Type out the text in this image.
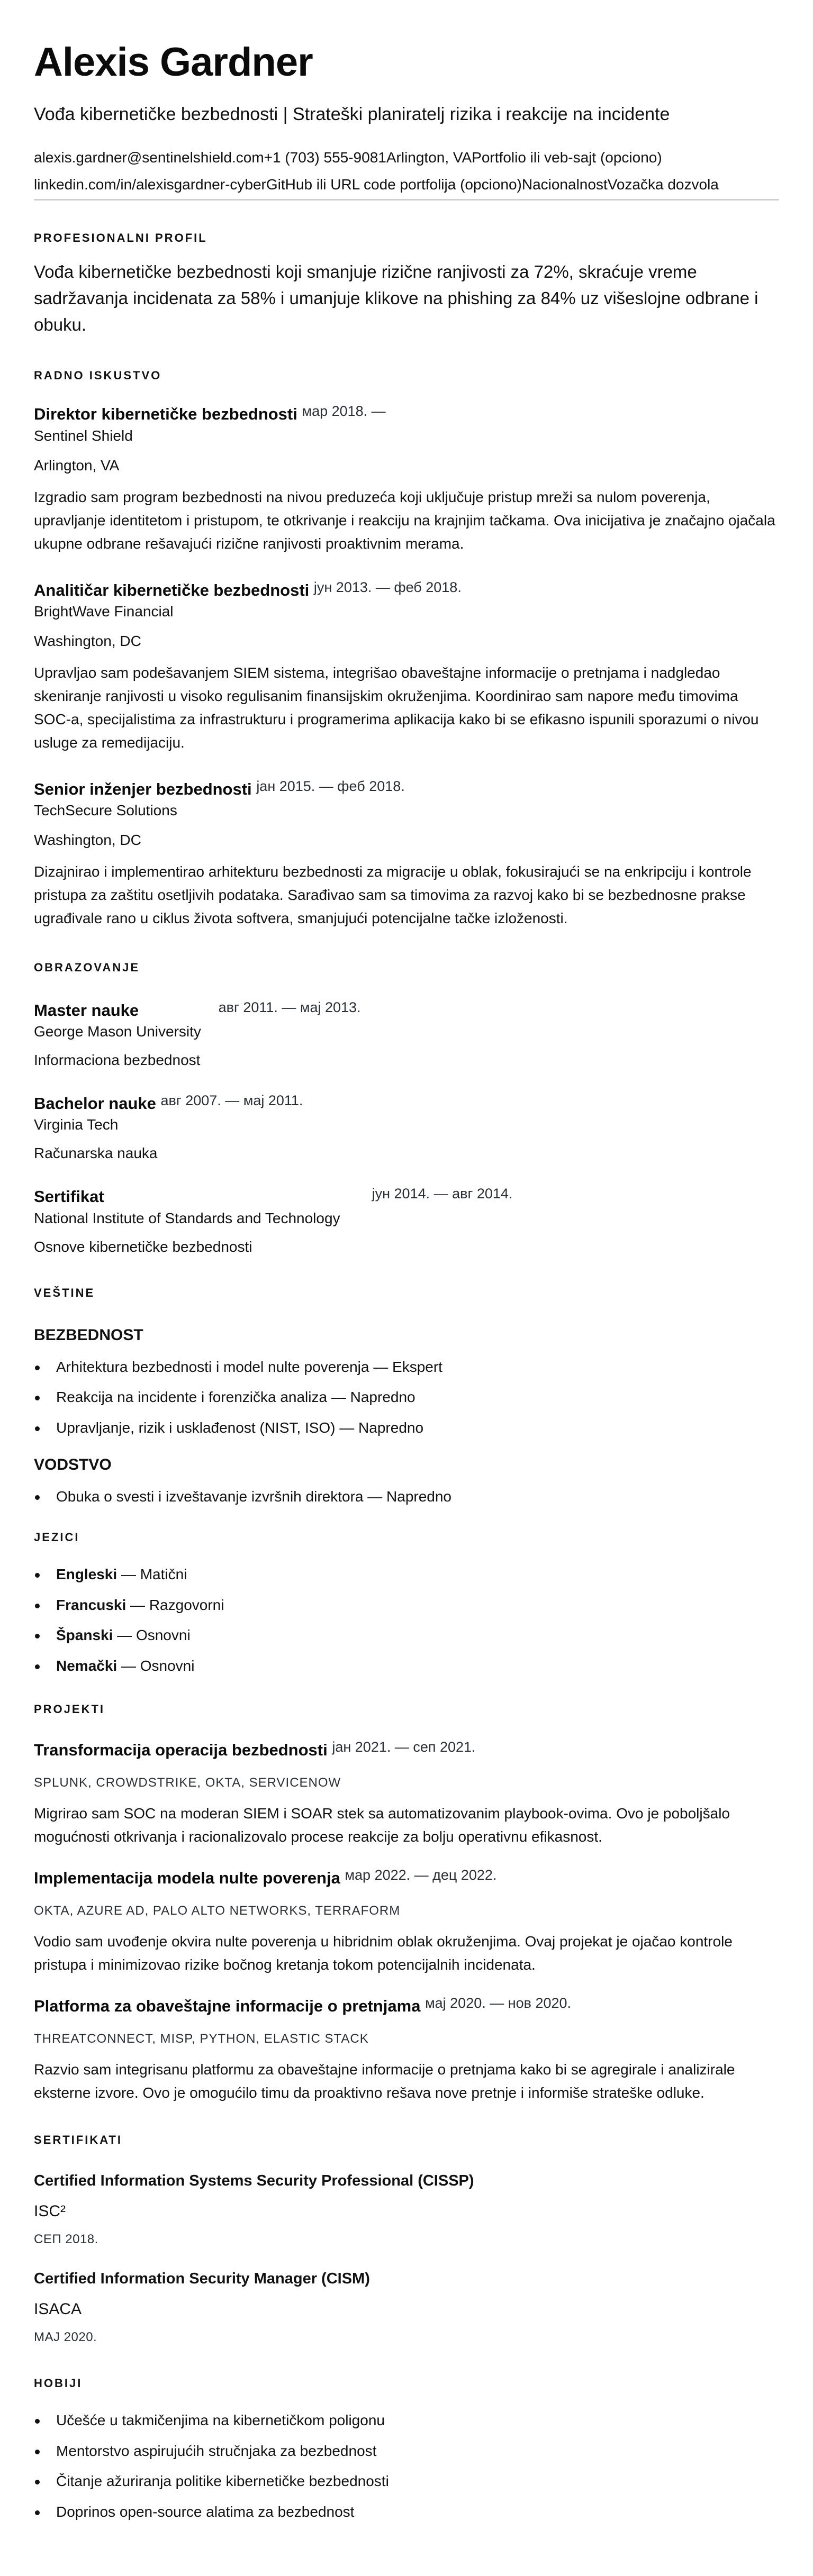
Alexis Gardner
Vođa kibernetičke bezbednosti | Strateški planiratelj rizika i reakcije na incidente
alexis.gardner@sentinelshield.com +1 (703) 555-9081 Arlington, VA Portfolio ili veb-sajt (opciono)
linkedin.com/in/alexisgardner-cyber GitHub ili URL code portfolija (opciono) Nacionalnost Vozačka dozvola
PROFESIONALNI PROFIL

Vođa kibernetičke bezbednosti koji smanjuje rizične ranjivosti za 72%, skraćuje vreme sadržavanja incidenata za 58% i umanjuje klikove na phishing za 84% uz višeslojne odbrane i obuku.

RADNO ISKUSTVO
Direktor kibernetičke bezbednosti мар 2018. —
Sentinel Shield
Arlington, VA
Izgradio sam program bezbednosti na nivou preduzeća koji uključuje pristup mreži sa nulom poverenja, upravljanje identitetom i pristupom, te otkrivanje i reakciju na krajnjim tačkama. Ova inicijativa je značajno ojačala ukupne odbrane rešavajući rizične ranjivosti proaktivnim merama.
Analitičar kibernetičke bezbednosti јун 2013. — феб 2018.
BrightWave Financial
Washington, DC
Upravljao sam podešavanjem SIEM sistema, integrišao obaveštajne informacije o pretnjama i nadgledao skeniranje ranjivosti u visoko regulisanim finansijskim okruženjima. Koordinirao sam napore među timovima SOC-a, specijalistima za infrastrukturu i programerima aplikacija kako bi se efikasno ispunili sporazumi o nivou usluge za remedijaciju.
Senior inženjer bezbednosti јан 2015. — феб 2018.
TechSecure Solutions
Washington, DC
Dizajnirao i implementirao arhitekturu bezbednosti za migracije u oblak, fokusirajući se na enkripciju i kontrole pristupa za zaštitu osetljivih podataka. Sarađivao sam sa timovima za razvoj kako bi se bezbednosne prakse ugrađivale rano u ciklus života softvera, smanjujući potencijalne tačke izloženosti.
OBRAZOVANJE
Master nauke	авг 2011. — мај 2013.
George Mason University
Informaciona bezbednost
Bachelor nauke авг 2007. — мај 2011.
Virginia Tech
Računarska nauka
Sertifikat	јун 2014. — авг 2014.
National Institute of Standards and Technology
Osnove kibernetičke bezbednosti
VEŠTINE
BEZBEDNOST
Arhitektura bezbednosti i model nulte poverenja — Ekspert
Reakcija na incidente i forenzička analiza — Napredno
Upravljanje, rizik i usklađenost (NIST, ISO) — Napredno
VODSTVO
Obuka o svesti i izveštavanje izvršnih direktora — Napredno
JEZICI
Engleski — Matični
Francuski — Razgovorni
Španski — Osnovni
Nemački — Osnovni
PROJEKTI
Transformacija operacija bezbednosti јан 2021. — сеп 2021.
SPLUNK, CROWDSTRIKE, OKTA, SERVICENOW
Migrirao sam SOC na moderan SIEM i SOAR stek sa automatizovanim playbook-ovima. Ovo je poboljšalo mogućnosti otkrivanja i racionalizovalo procese reakcije za bolju operativnu efikasnost.
Implementacija modela nulte poverenja мар 2022. — дец 2022.
OKTA, AZURE AD, PALO ALTO NETWORKS, TERRAFORM
Vodio sam uvođenje okvira nulte poverenja u hibridnim oblak okruženjima. Ovaj projekat je ojačao kontrole pristupa i minimizovao rizike bočnog kretanja tokom potencijalnih incidenata.
Platforma za obaveštajne informacije o pretnjama мај 2020. — нов 2020.
THREATCONNECT, MISP, PYTHON, ELASTIC STACK
Razvio sam integrisanu platformu za obaveštajne informacije o pretnjama kako bi se agregirale i analizirale eksterne izvore. Ovo je omogućilo timu da proaktivno rešava nove pretnje i informiše strateške odluke.
SERTIFIKATI
Certified Information Systems Security Professional (CISSP)
ISC²
СЕП 2018.
Certified Information Security Manager (CISM)
ISACA
MAJ 2020.
HOBIJI
Učešće u takmičenjima na kibernetičkom poligonu
Mentorstvo aspirujućih stručnjaka za bezbednost
Čitanje ažuriranja politike kibernetičke bezbednosti
Doprinos open-source alatima za bezbednost
